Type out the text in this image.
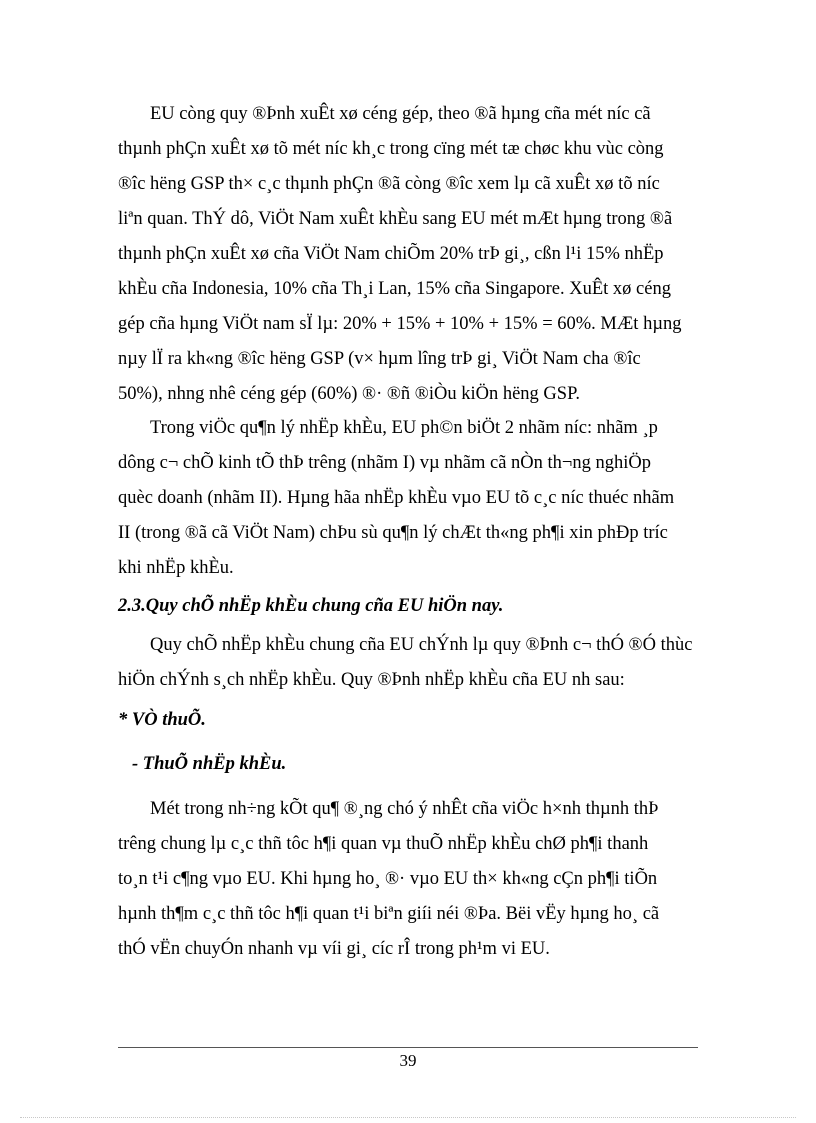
EU còng quy ®Þnh xuÊt xø céng gép, theo ®ã hµng cña mét níc cã
thµnh phÇn xuÊt xø tõ mét níc kh¸c trong cïng mét tæ chøc khu vùc còng
®îc hëng GSP th× c¸c thµnh phÇn ®ã còng ®îc xem lµ cã xuÊt xø tõ níc
liªn quan. ThÝ dô, ViÖt Nam xuÊt khÈu sang EU mét mÆt hµng trong ®ã
thµnh phÇn xuÊt xø cña ViÖt Nam chiÕm 20% trÞ gi¸, cßn l¹i 15% nhËp
khÈu cña Indonesia, 10% cña Th¸i Lan, 15% cña Singapore. XuÊt xø céng
gép cña hµng ViÖt nam sÏ lµ: 20% + 15% + 10% + 15% = 60%. MÆt hµng
nµy lÏ ra kh«ng ®îc hëng GSP (v× hµm lîng trÞ gi¸ ViÖt Nam cha ®îc
50%), nhng nhê céng gép (60%) ®· ®ñ ®iÒu kiÖn hëng GSP.
Trong viÖc qu¶n lý nhËp khÈu, EU ph©n biÖt 2 nhãm níc: nhãm ¸p
dông c¬ chÕ kinh tÕ thÞ trêng (nhãm I) vµ nhãm cã nÒn th¬ng nghiÖp
quèc doanh (nhãm II). Hµng hãa nhËp khÈu vµo EU tõ c¸c níc thuéc nhãm
II (trong ®ã cã ViÖt Nam) chÞu sù qu¶n lý chÆt th«ng ph¶i xin phÐp tríc
khi nhËp khÈu.
2.3.Quy chÕ nhËp khÈu chung cña EU hiÖn nay.
Quy chÕ nhËp khÈu chung cña EU chÝnh lµ quy ®Þnh c¬ thÓ ®Ó thùc
hiÖn chÝnh s¸ch nhËp khÈu. Quy ®Þnh nhËp khÈu cña EU nh sau:
* VÒ thuÕ.
- ThuÕ nhËp khÈu.
Mét trong nh÷ng kÕt qu¶ ®¸ng chó ý nhÊt cña viÖc h×nh thµnh thÞ
trêng chung lµ c¸c thñ tôc h¶i quan vµ thuÕ nhËp khÈu chØ ph¶i thanh
to¸n t¹i c¶ng vµo EU. Khi hµng ho¸ ®· vµo EU th× kh«ng cÇn ph¶i tiÕn
hµnh th¶m c¸c thñ tôc h¶i quan t¹i biªn giíi néi ®Þa. Bëi vËy hµng ho¸ cã
thÓ vËn chuyÓn nhanh vµ víi gi¸ cíc rÎ trong ph¹m vi EU.
39
